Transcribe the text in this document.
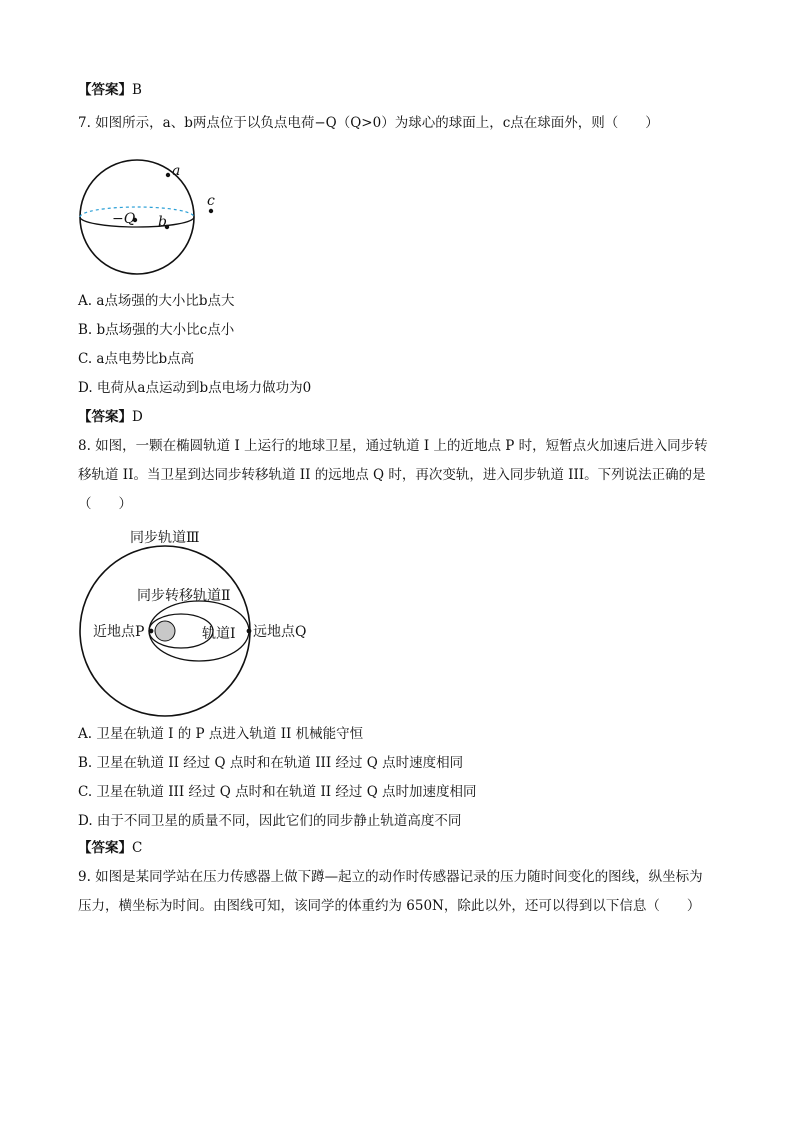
【答案】B
7. 如图所示，a、b两点位于以负点电荷−Q（Q>0）为球心的球面上，c点在球面外，则（　　）
a
b
−Q
c
A. a点场强的大小比b点大
B. b点场强的大小比c点小
C. a点电势比b点高
D. 电荷从a点运动到b点电场力做功为0
【答案】D
8. 如图，一颗在椭圆轨道 I 上运行的地球卫星，通过轨道 I 上的近地点 P 时，短暂点火加速后进入同步转
移轨道 II。当卫星到达同步转移轨道 II 的远地点 Q 时，再次变轨，进入同步轨道 III。下列说法正确的是
（　　）
同步轨道Ⅲ
同步转移轨道Ⅱ
轨道Ⅰ
近地点P	远地点Q
A. 卫星在轨道 I 的 P 点进入轨道 II 机械能守恒
B. 卫星在轨道 II 经过 Q 点时和在轨道 III 经过 Q 点时速度相同
C. 卫星在轨道 III 经过 Q 点时和在轨道 II 经过 Q 点时加速度相同
D. 由于不同卫星的质量不同，因此它们的同步静止轨道高度不同
【答案】C
9. 如图是某同学站在压力传感器上做下蹲—起立的动作时传感器记录的压力随时间变化的图线，纵坐标为
压力，横坐标为时间。由图线可知，该同学的体重约为 650N，除此以外，还可以得到以下信息（　　）
